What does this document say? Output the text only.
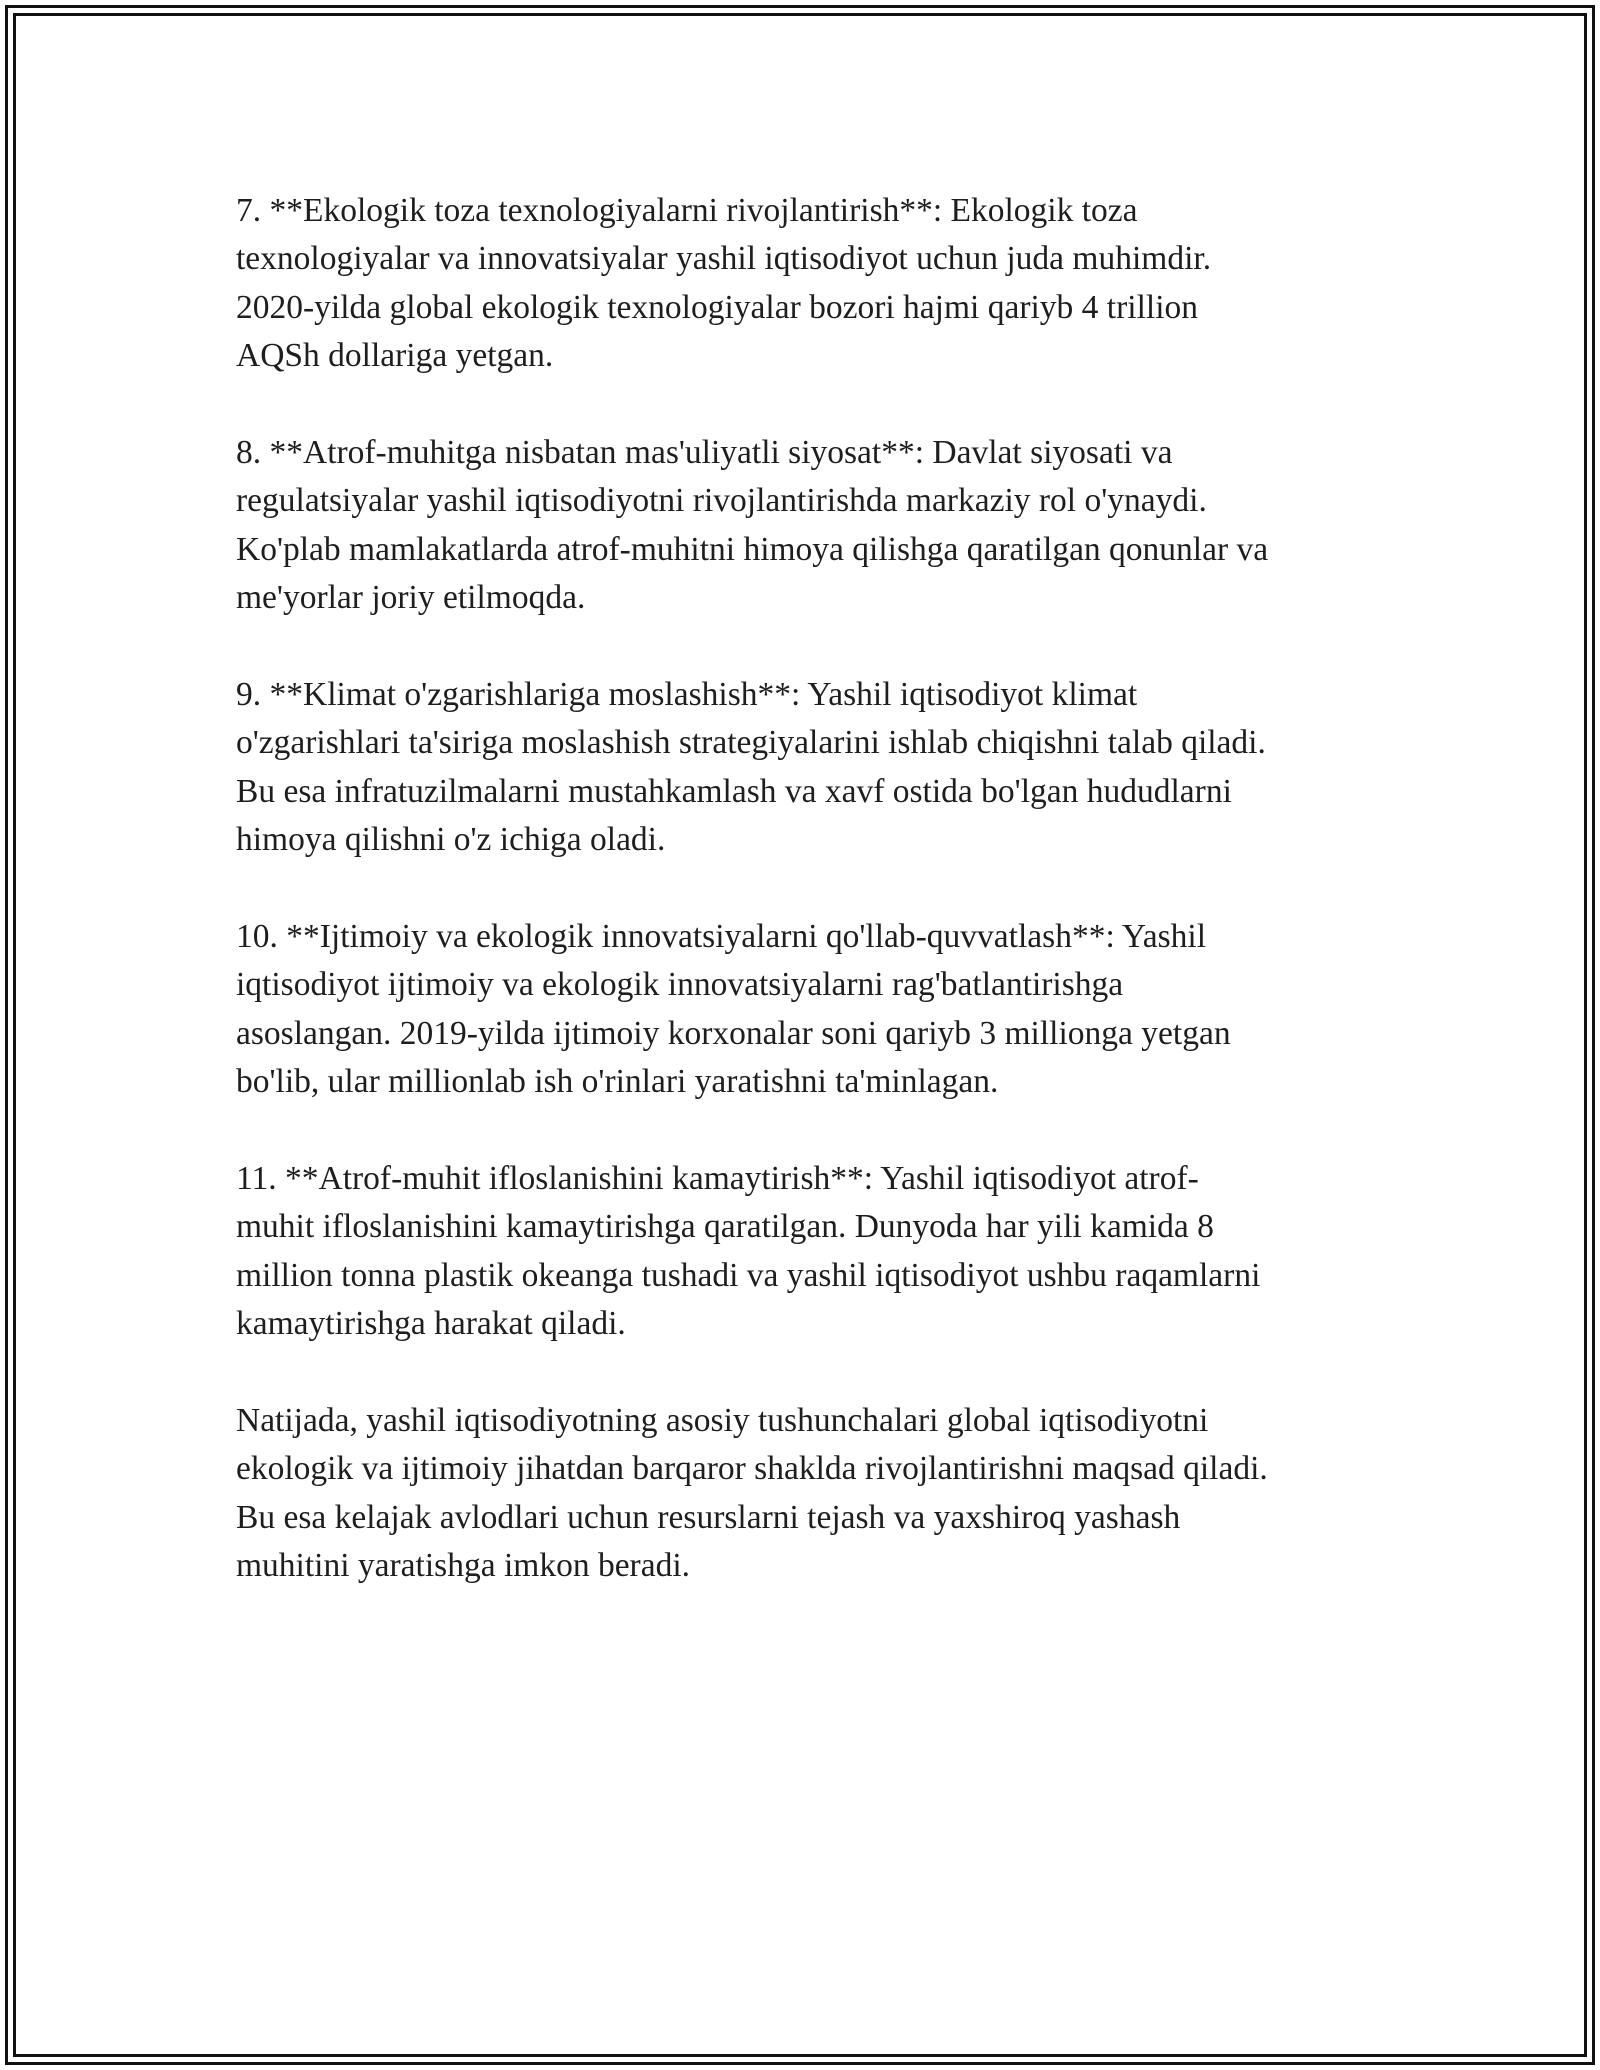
7. **Ekologik toza texnologiyalarni rivojlantirish**: Ekologik toza
texnologiyalar va innovatsiyalar yashil iqtisodiyot uchun juda muhimdir.
2020-yilda global ekologik texnologiyalar bozori hajmi qariyb 4 trillion
AQSh dollariga yetgan.

8. **Atrof-muhitga nisbatan mas'uliyatli siyosat**: Davlat siyosati va
regulatsiyalar yashil iqtisodiyotni rivojlantirishda markaziy rol o'ynaydi.
Ko'plab mamlakatlarda atrof-muhitni himoya qilishga qaratilgan qonunlar va
me'yorlar joriy etilmoqda.

9. **Klimat o'zgarishlariga moslashish**: Yashil iqtisodiyot klimat
o'zgarishlari ta'siriga moslashish strategiyalarini ishlab chiqishni talab qiladi.
Bu esa infratuzilmalarni mustahkamlash va xavf ostida bo'lgan hududlarni
himoya qilishni o'z ichiga oladi.

10. **Ijtimoiy va ekologik innovatsiyalarni qo'llab-quvvatlash**: Yashil
iqtisodiyot ijtimoiy va ekologik innovatsiyalarni rag'batlantirishga
asoslangan. 2019-yilda ijtimoiy korxonalar soni qariyb 3 millionga yetgan
bo'lib, ular millionlab ish o'rinlari yaratishni ta'minlagan.

11. **Atrof-muhit ifloslanishini kamaytirish**: Yashil iqtisodiyot atrof-
muhit ifloslanishini kamaytirishga qaratilgan. Dunyoda har yili kamida 8
million tonna plastik okeanga tushadi va yashil iqtisodiyot ushbu raqamlarni
kamaytirishga harakat qiladi.

Natijada, yashil iqtisodiyotning asosiy tushunchalari global iqtisodiyotni
ekologik va ijtimoiy jihatdan barqaror shakldа rivojlantirishni maqsad qiladi.
Bu esa kelajak avlodlari uchun resurslarni tejash va yaxshiroq yashash
muhitini yaratishga imkon beradi.
